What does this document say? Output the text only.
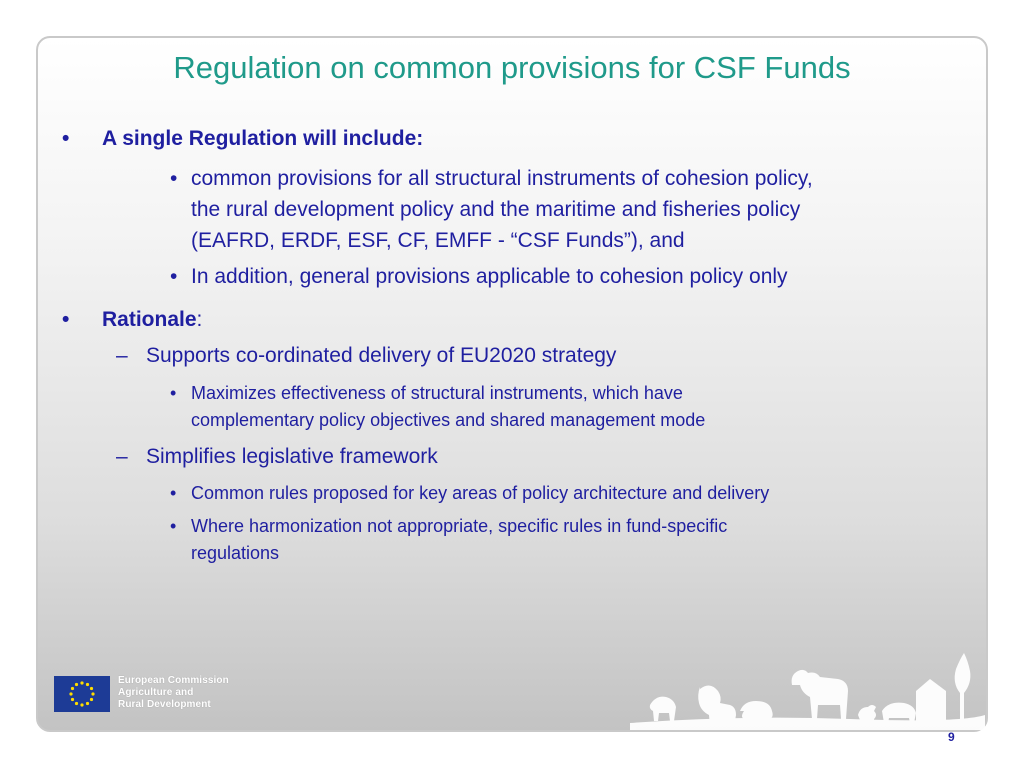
Regulation on common provisions for CSF Funds
• A single Regulation will include:
• common provisions for all structural instruments of cohesion policy,
the rural development policy and the maritime and fisheries policy
(EAFRD, ERDF, ESF, CF, EMFF - “CSF Funds”), and
• In addition, general provisions applicable to cohesion policy only
• Rationale:
– Supports co-ordinated delivery of EU2020 strategy
• Maximizes effectiveness of structural instruments, which have
complementary policy objectives and shared management mode
– Simplifies legislative framework
• Common rules proposed for key areas of policy architecture and delivery
• Where harmonization not appropriate, specific rules in fund-specific
regulations
European Commission
Agriculture and
Rural Development
9
